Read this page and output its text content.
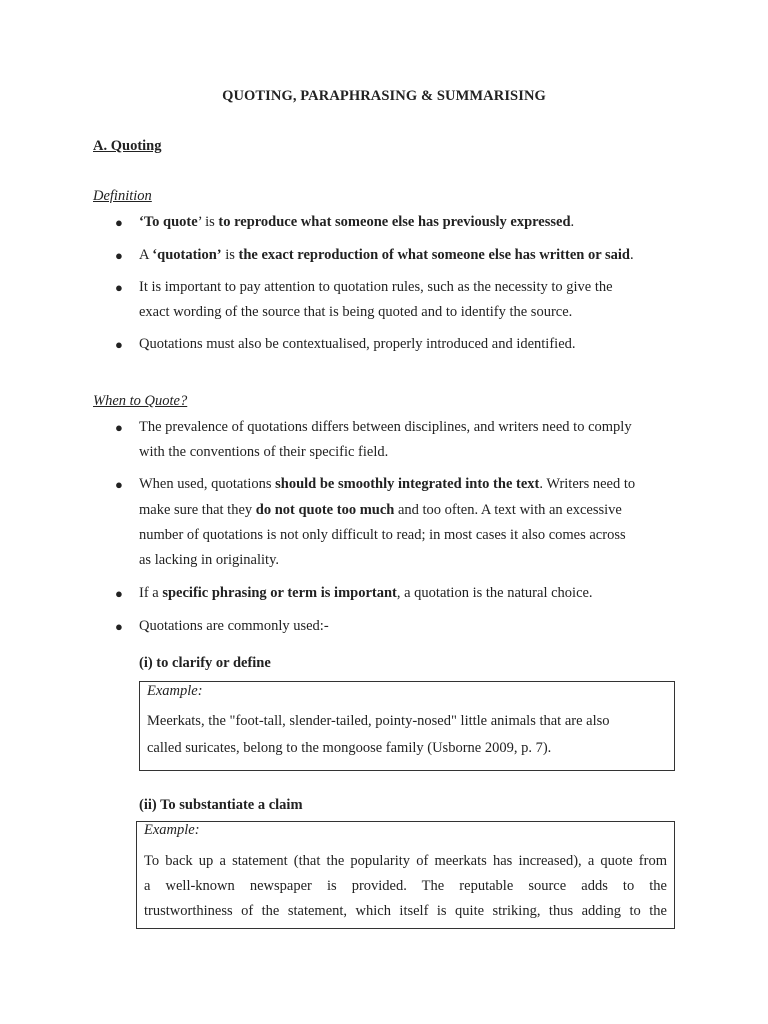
QUOTING, PARAPHRASING & SUMMARISING
A. Quoting
Definition
● ‘To quote’ is to reproduce what someone else has previously expressed.
● A ‘quotation’ is the exact reproduction of what someone else has written or said.
● It is important to pay attention to quotation rules, such as the necessity to give the
exact wording of the source that is being quoted and to identify the source.
● Quotations must also be contextualised, properly introduced and identified.
When to Quote?
● The prevalence of quotations differs between disciplines, and writers need to comply
with the conventions of their specific field.
● When used, quotations should be smoothly integrated into the text. Writers need to
make sure that they do not quote too much and too often. A text with an excessive
number of quotations is not only difficult to read; in most cases it also comes across
as lacking in originality.
● If a specific phrasing or term is important, a quotation is the natural choice.
● Quotations are commonly used:-
(i) to clarify or define
Example:
Meerkats, the "foot-tall, slender-tailed, pointy-nosed" little animals that are also
called suricates, belong to the mongoose family (Usborne 2009, p. 7).
(ii) To substantiate a claim
Example:
To back up a statement (that the popularity of meerkats has increased), a quote from
a well-known newspaper is provided. The reputable source adds to the
trustworthiness of the statement, which itself is quite striking, thus adding to the
